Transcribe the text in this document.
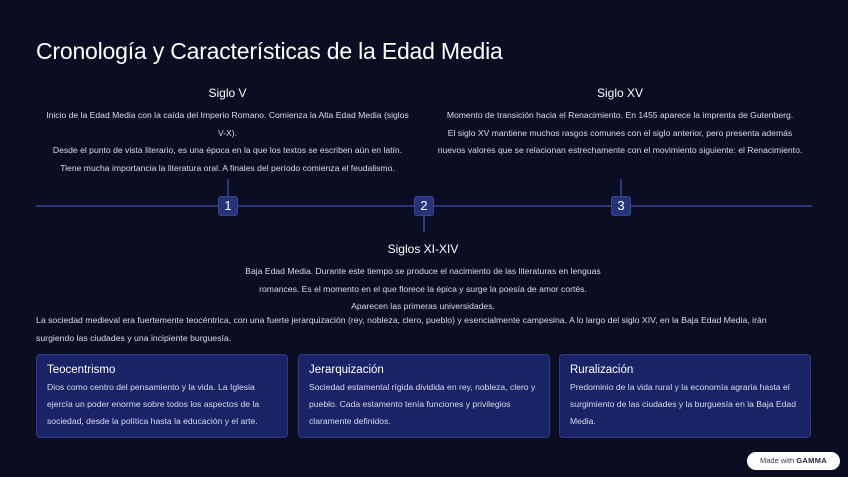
Cronología y Características de la Edad Media
Siglo V

Inicio de la Edad Media con la caída del Imperio Romano. Comienza la Alta Edad Media (siglos V-X).

Desde el punto de vista literario, es una época en la que los textos se escriben aún en latín. Tiene mucha importancia la literatura oral. A finales del período comienza el feudalismo.

Siglo XV

Momento de transición hacia el Renacimiento. En 1455 aparece la imprenta de Gutenberg.

El siglo XV mantiene muchos rasgos comunes con el siglo anterior, pero presenta además nuevos valores que se relacionan estrechamente con el movimiento siguiente: el Renacimiento.

1	2	3
Siglos XI-XIV

Baja Edad Media. Durante este tiempo se produce el nacimiento de las literaturas en lenguas romances. Es el momento en el que florece la épica y surge la poesía de amor cortés.

Aparecen las primeras universidades.

La sociedad medieval era fuertemente teocéntrica, con una fuerte jerarquización (rey, nobleza, clero, pueblo) y esencialmente campesina. A lo largo del siglo XIV, en la Baja Edad Media, irán surgiendo las ciudades y una incipiente burguesía.
Teocentrismo
Dios como centro del pensamiento y la vida. La Iglesia ejercía un poder enorme sobre todos los aspectos de la sociedad, desde la política hasta la educación y el arte.
Jerarquización
Sociedad estamental rígida dividida en rey, nobleza, clero y pueblo. Cada estamento tenía funciones y privilegios claramente definidos.
Ruralización
Predominio de la vida rural y la economía agraria hasta el surgimiento de las ciudades y la burguesía en la Baja Edad Media.
Made with GAMMA
